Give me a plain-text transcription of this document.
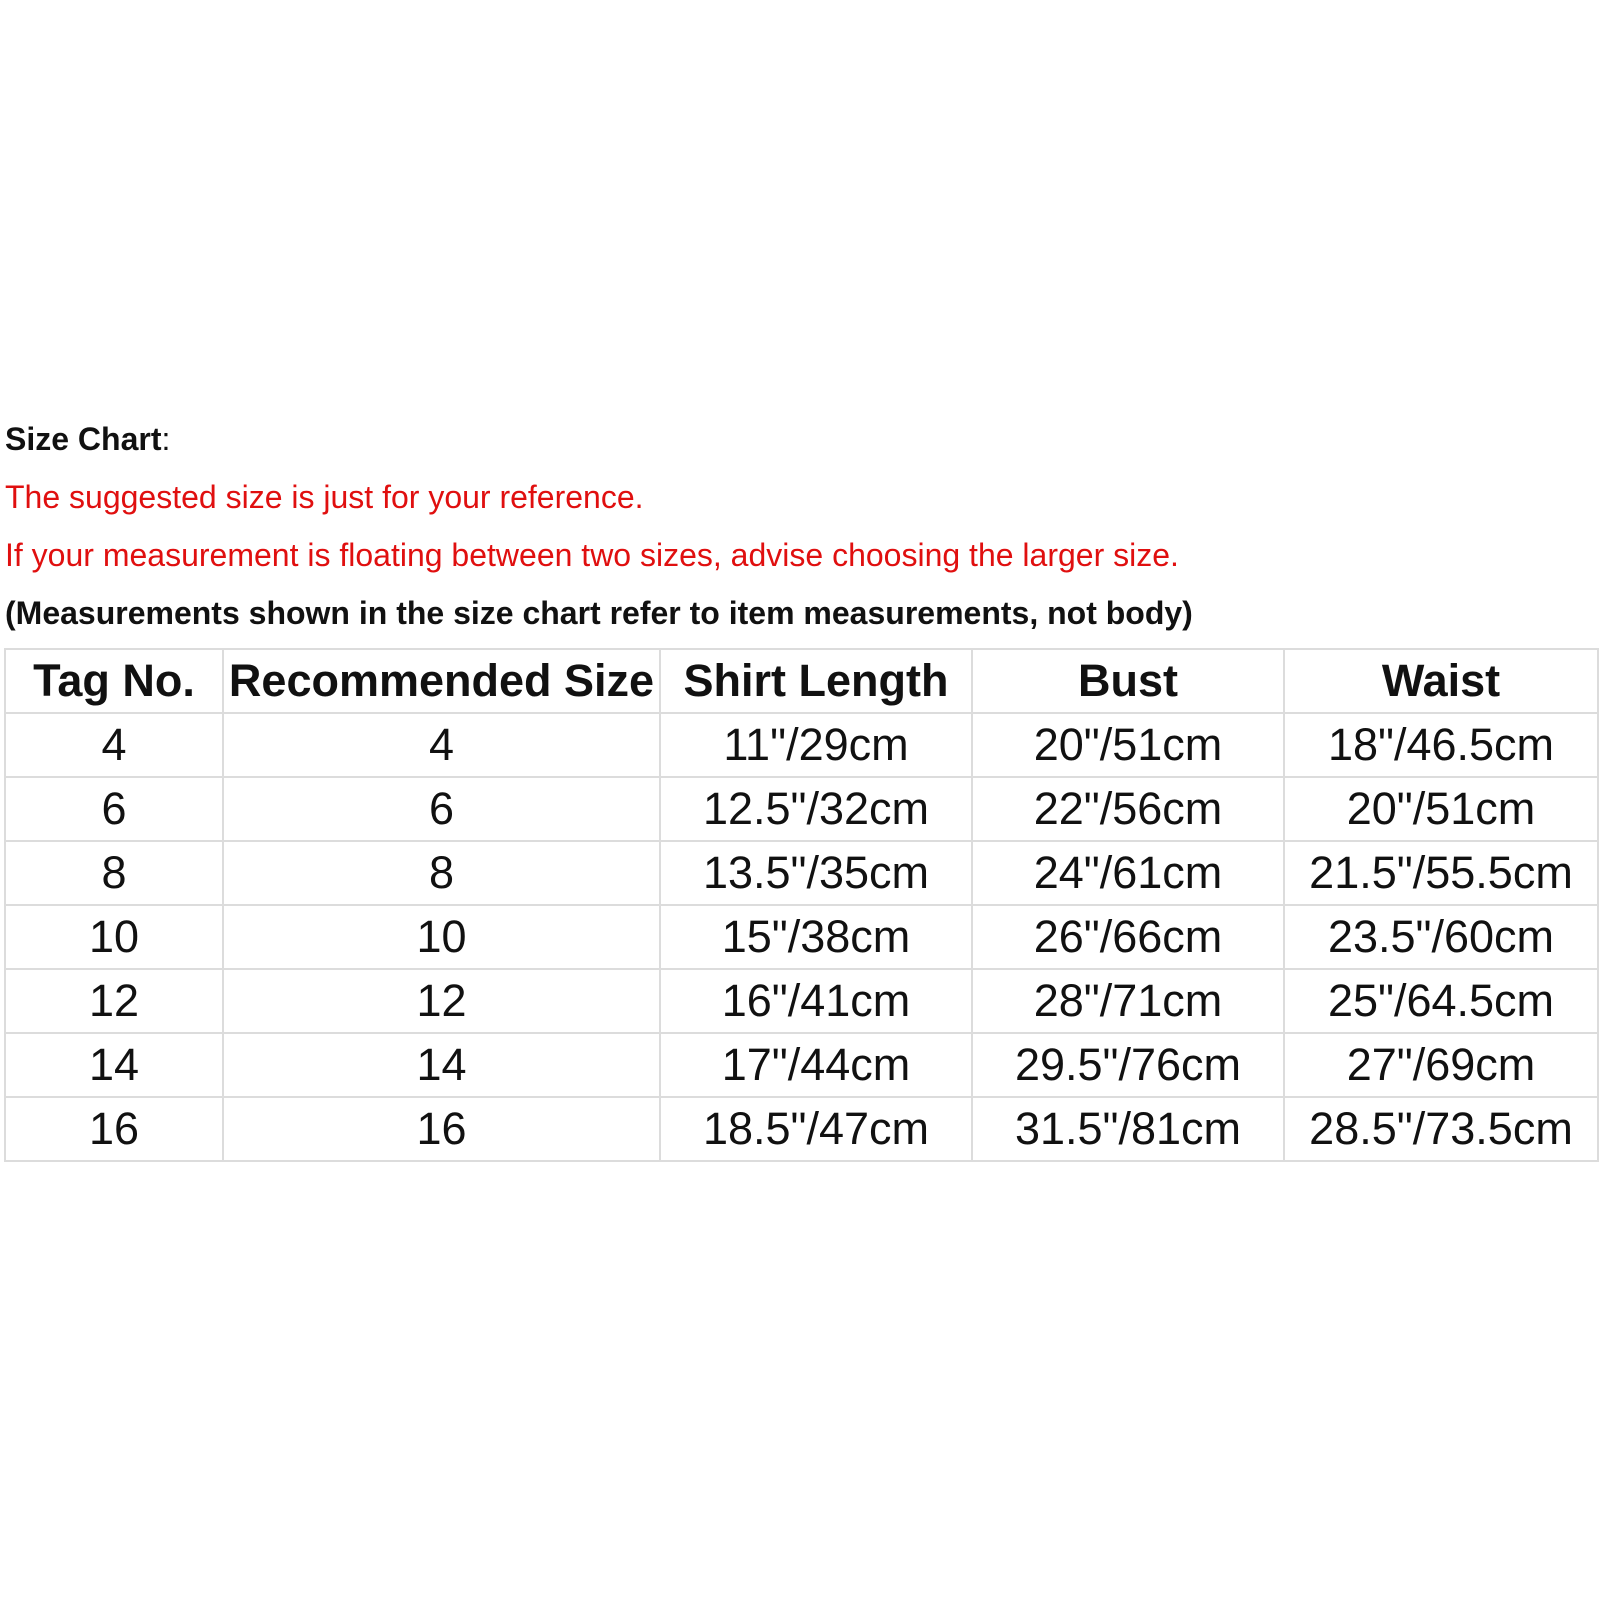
Size Chart:
The suggested size is just for your reference.
If your measurement is floating between two sizes, advise choosing the larger size.
(Measurements shown in the size chart refer to item measurements, not body)
Tag No.	Recommended Size	Shirt Length	Bust	Waist
4	4	11"/29cm	20"/51cm	18"/46.5cm
6	6	12.5"/32cm	22"/56cm	20"/51cm
8	8	13.5"/35cm	24"/61cm	21.5"/55.5cm
10	10	15"/38cm	26"/66cm	23.5"/60cm
12	12	16"/41cm	28"/71cm	25"/64.5cm
14	14	17"/44cm	29.5"/76cm	27"/69cm
16	16	18.5"/47cm	31.5"/81cm	28.5"/73.5cm
